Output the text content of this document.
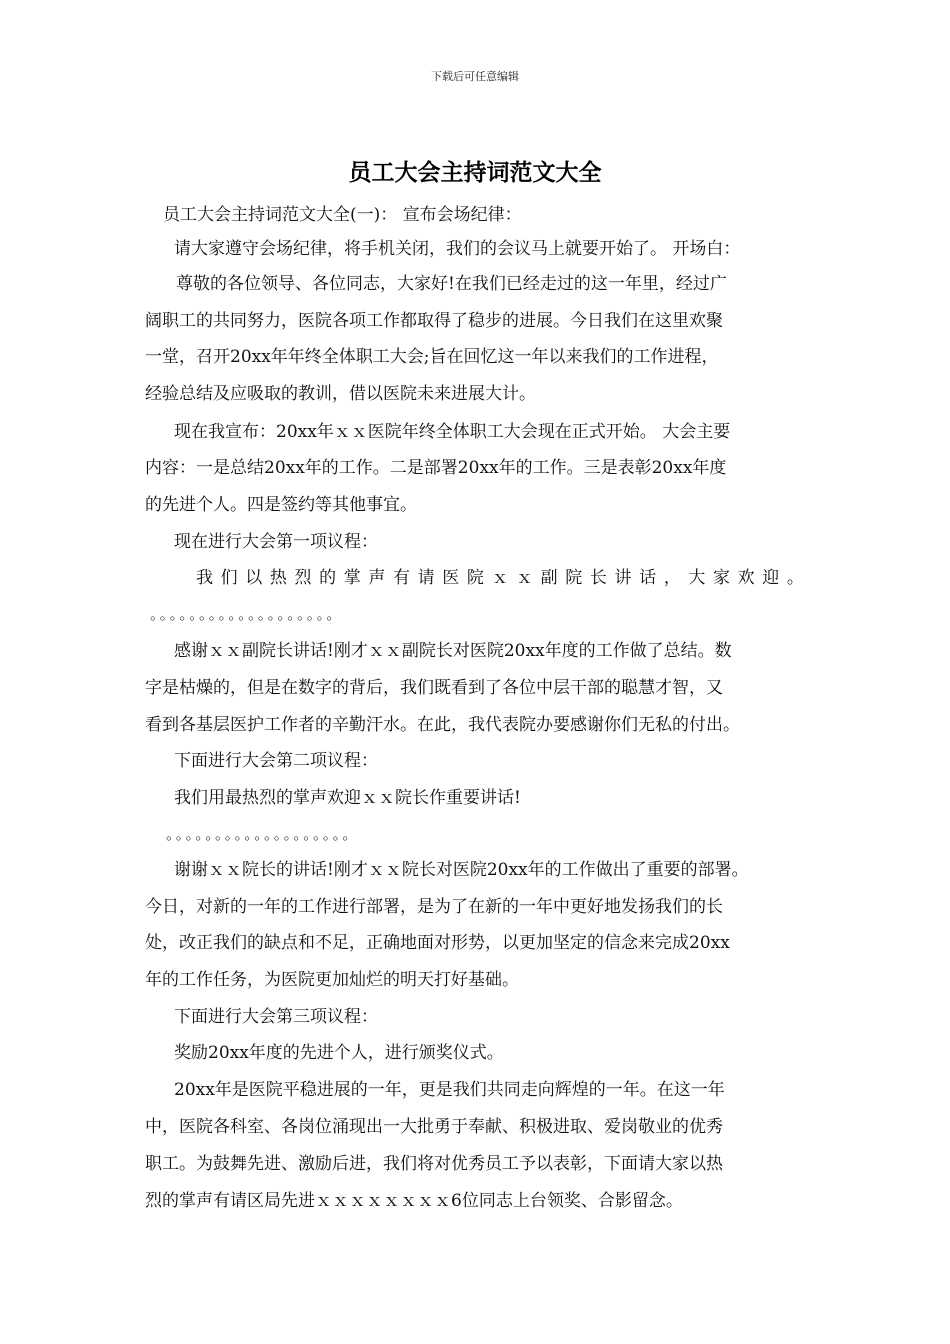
下载后可任意编辑
员工大会主持词范文大全
员工大会主持词范文大全(一)： 宣布会场纪律：
请大家遵守会场纪律，将手机关闭，我们的会议马上就要开始了。 开场白：
尊敬的各位领导、各位同志，大家好!在我们已经走过的这一年里，经过广
阔职工的共同努力，医院各项工作都取得了稳步的进展。今日我们在这里欢聚
一堂，召开20xx年年终全体职工大会;旨在回忆这一年以来我们的工作进程，
经验总结及应吸取的教训，借以医院未来进展大计。
现在我宣布：20xx年ｘｘ医院年终全体职工大会现在正式开始。 大会主要
内容：一是总结20xx年的工作。二是部署20xx年的工作。三是表彰20xx年度
的先进个人。四是签约等其他事宜。
现在进行大会第一项议程：
我们以热烈的掌声有请医院ｘｘ副院长讲话，大家欢迎。
。。。。。。。。。。。。。。。。。。。
感谢ｘｘ副院长讲话!刚才ｘｘ副院长对医院20xx年度的工作做了总结。数
字是枯燥的，但是在数字的背后，我们既看到了各位中层干部的聪慧才智，又
看到各基层医护工作者的辛勤汗水。在此，我代表院办要感谢你们无私的付出。
下面进行大会第二项议程：
我们用最热烈的掌声欢迎ｘｘ院长作重要讲话!
。。。。。。。。。。。。。。。。。。。
谢谢ｘｘ院长的讲话!刚才ｘｘ院长对医院20xx年的工作做出了重要的部署。
今日，对新的一年的工作进行部署，是为了在新的一年中更好地发扬我们的长
处，改正我们的缺点和不足，正确地面对形势，以更加坚定的信念来完成20xx
年的工作任务，为医院更加灿烂的明天打好基础。
下面进行大会第三项议程：
奖励20xx年度的先进个人，进行颁奖仪式。
20xx年是医院平稳进展的一年，更是我们共同走向辉煌的一年。在这一年
中，医院各科室、各岗位涌现出一大批勇于奉献、积极进取、爱岗敬业的优秀
职工。为鼓舞先进、激励后进，我们将对优秀员工予以表彰，下面请大家以热
烈的掌声有请区局先进ｘｘｘｘｘｘｘｘ6位同志上台领奖、合影留念。
